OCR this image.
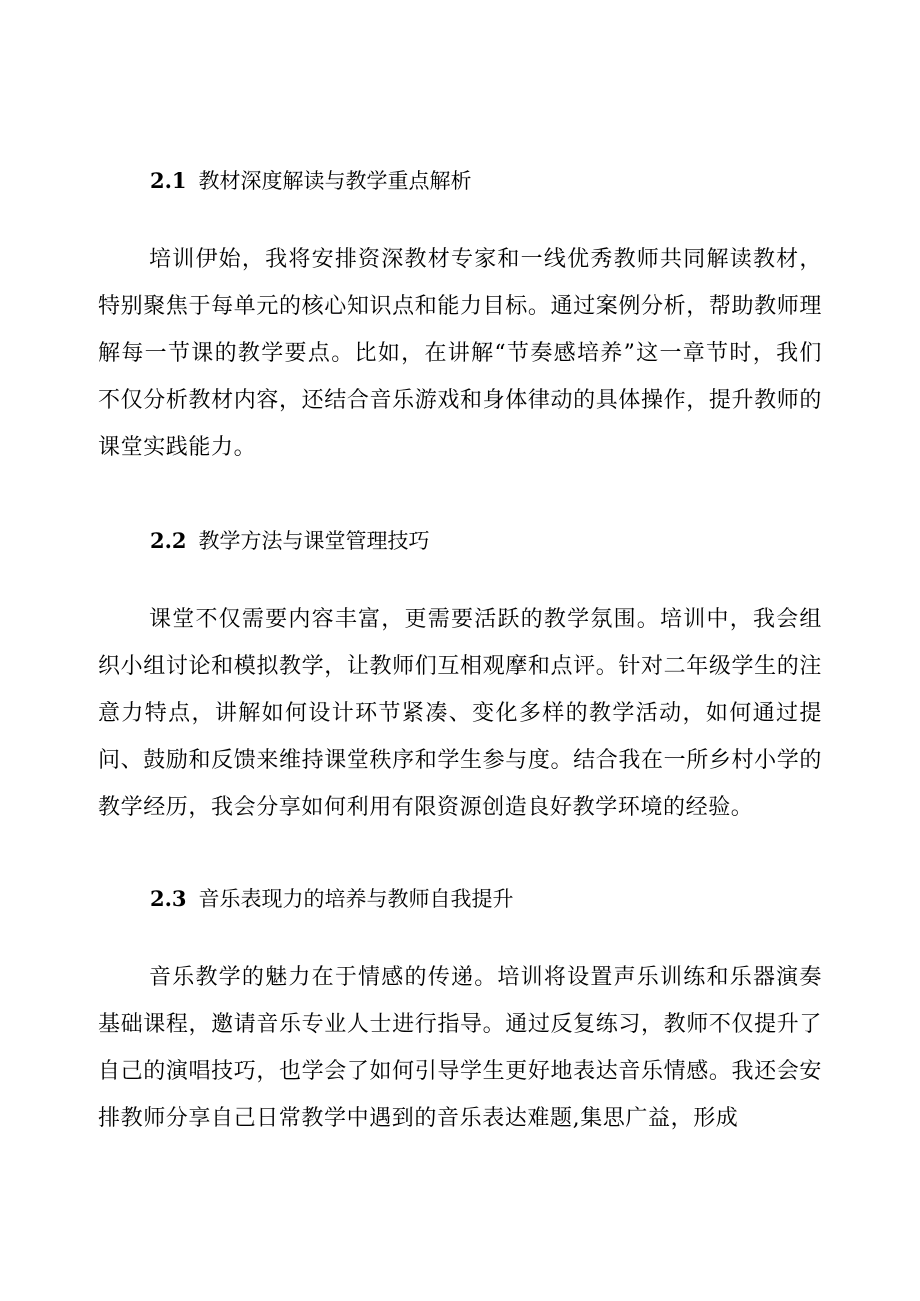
2.1 教材深度解读与教学重点解析
培训伊始，我将安排资深教材专家和一线优秀教师共同解读教材，特别聚焦于每单元的核心知识点和能力目标。通过案例分析，帮助教师理解每一节课的教学要点。比如，在讲解“节奏感培养”这一章节时，我们不仅分析教材内容，还结合音乐游戏和身体律动的具体操作，提升教师的课堂实践能力。
2.2 教学方法与课堂管理技巧
课堂不仅需要内容丰富，更需要活跃的教学氛围。培训中，我会组织小组讨论和模拟教学，让教师们互相观摩和点评。针对二年级学生的注意力特点，讲解如何设计环节紧凑、变化多样的教学活动，如何通过提问、鼓励和反馈来维持课堂秩序和学生参与度。结合我在一所乡村小学的教学经历，我会分享如何利用有限资源创造良好教学环境的经验。
2.3 音乐表现力的培养与教师自我提升
音乐教学的魅力在于情感的传递。培训将设置声乐训练和乐器演奏基础课程，邀请音乐专业人士进行指导。通过反复练习，教师不仅提升了自己的演唱技巧，也学会了如何引导学生更好地表达音乐情感。我还会安排教师分享自己日常教学中遇到的音乐表达难题,集思广益，形成
